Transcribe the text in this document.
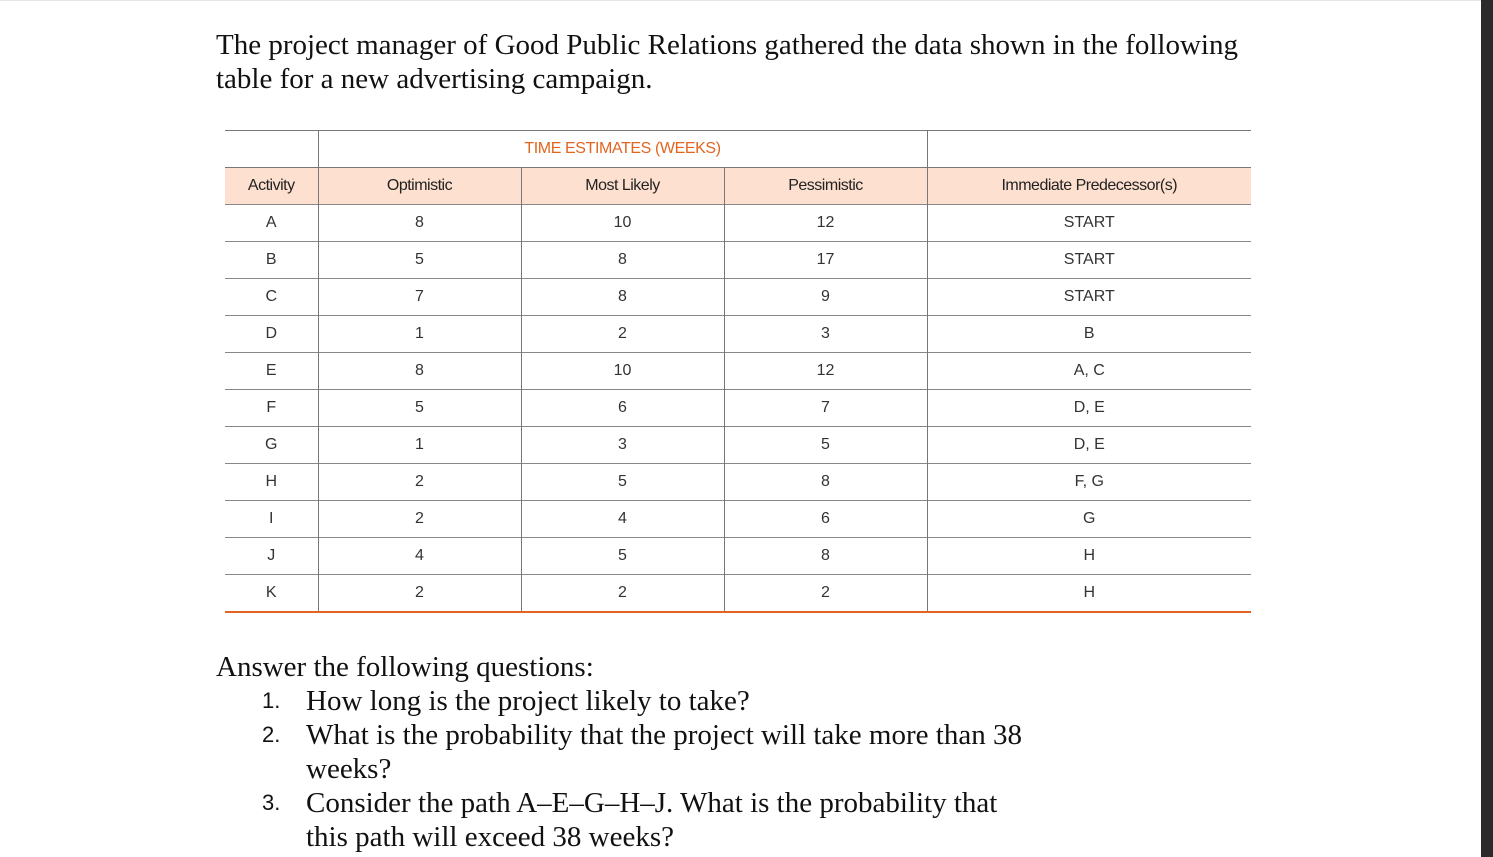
The project manager of Good Public Relations gathered the data shown in the following table for a new advertising campaign.

	TIME ESTIMATES (WEEKS)			
Activity	Optimistic	Most Likely	Pessimistic	Immediate Predecessor(s)
A	8	10	12	START
B	5	8	17	START
C	7	8	9	START
D	1	2	3	B
E	8	10	12	A, C
F	5	6	7	D, E
G	1	3	5	D, E
H	2	5	8	F, G
I	2	4	6	G
J	4	5	8	H
K	2	2	2	H

Answer the following questions:

1. How long is the project likely to take?
2. What is the probability that the project will take more than 38 weeks?
3. Consider the path A–E–G–H–J. What is the probability that this path will exceed 38 weeks?
